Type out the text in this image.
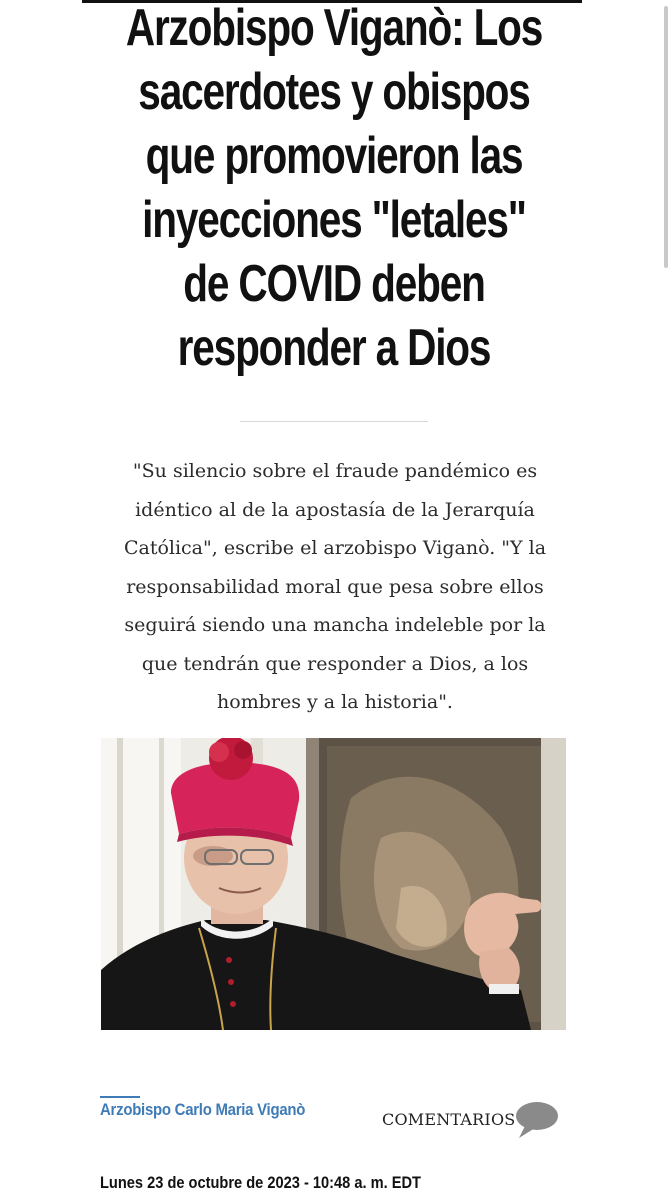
Arzobispo Viganò: Los
sacerdotes y obispos
que promovieron las
inyecciones "letales"
de COVID deben
responder a Dios

"Su silencio sobre el fraude pandémico es
idéntico al de la apostasía de la Jerarquía
Católica", escribe el arzobispo Viganò. "Y la
responsabilidad moral que pesa sobre ellos
seguirá siendo una mancha indeleble por la
que tendrán que responder a Dios, a los
hombres y a la historia".

Arzobispo Carlo Maria Viganò
COMENTARIOS
Lunes 23 de octubre de 2023 - 10:48 a. m. EDT
